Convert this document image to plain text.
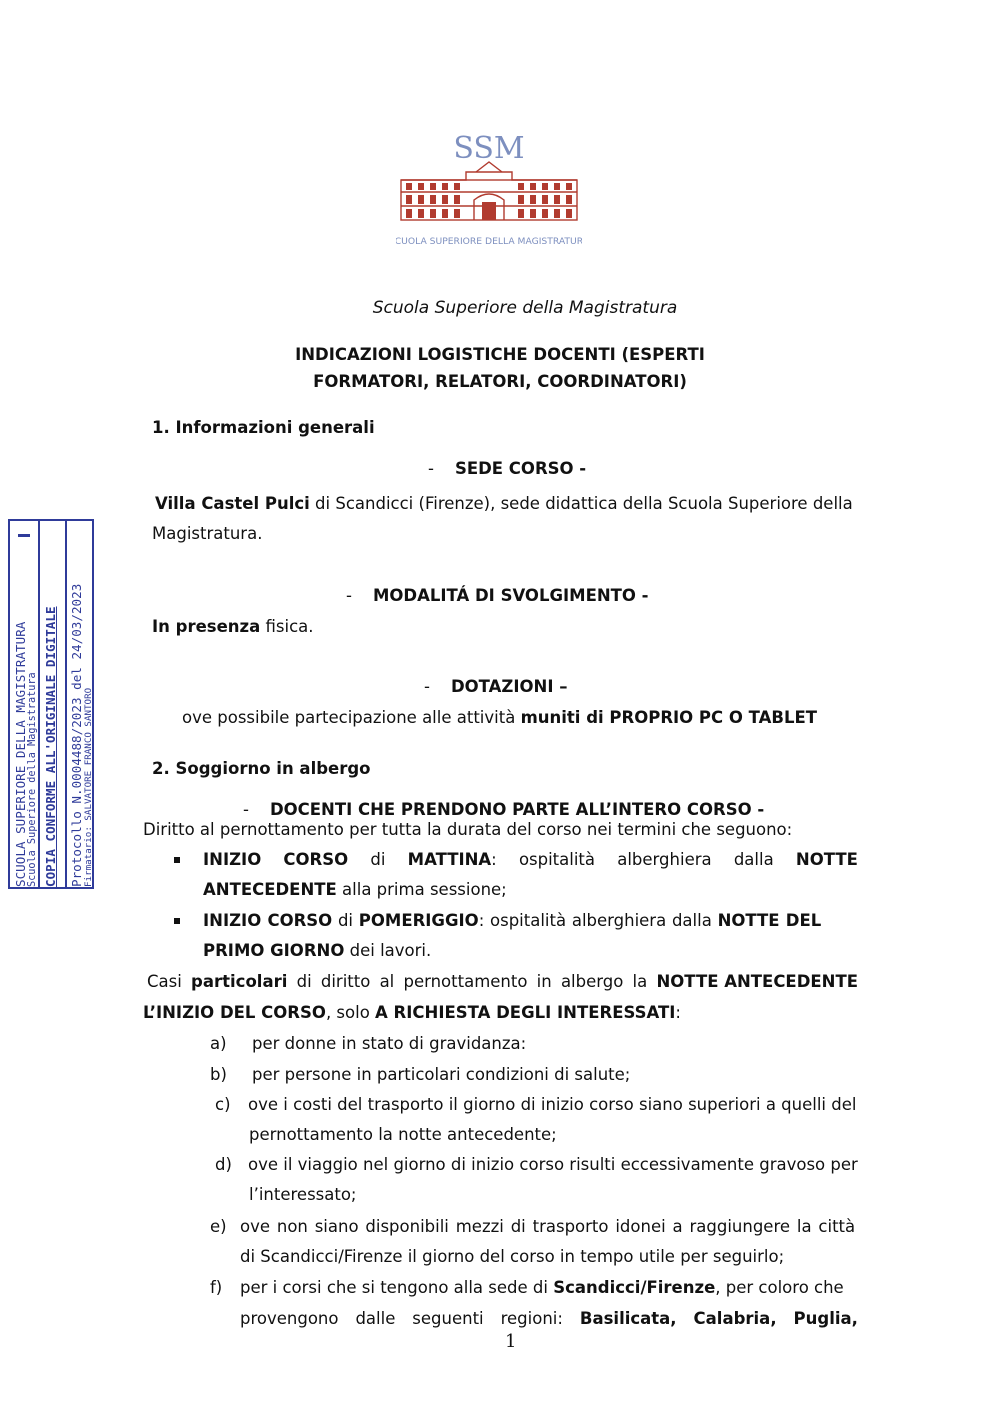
SSM
SCUOLA SUPERIORE DELLA MAGISTRATURA
Scuola Superiore della Magistratura
INDICAZIONI LOGISTICHE DOCENTI (ESPERTI
FORMATORI, RELATORI, COORDINATORI)
1. Informazioni generali
-    SEDE CORSO -
Villa Castel Pulci di Scandicci (Firenze), sede didattica della Scuola Superiore della
Magistratura.
-    MODALITÁ DI SVOLGIMENTO -
In presenza fisica.
-    DOTAZIONI –
ove possibile partecipazione alle attività muniti di PROPRIO PC O TABLET
2. Soggiorno in albergo
-    DOCENTI CHE PRENDONO PARTE ALL’INTERO CORSO -
Diritto al pernottamento per tutta la durata del corso nei termini che seguono:
INIZIO CORSO di MATTINA: ospitalità alberghiera dalla NOTTE
ANTECEDENTE alla prima sessione;
INIZIO CORSO di POMERIGGIO: ospitalità alberghiera dalla NOTTE DEL
PRIMO GIORNO dei lavori.
Casi particolari di diritto al pernottamento in albergo la NOTTE ANTECEDENTE
L’INIZIO DEL CORSO, solo A RICHIESTA DEGLI INTERESSATI:
a) per donne in stato di gravidanza:
b) per persone in particolari condizioni di salute;
c) ove i costi del trasporto il giorno di inizio corso siano superiori a quelli del
pernottamento la notte antecedente;
d) ove il viaggio nel giorno di inizio corso risulti eccessivamente gravoso per
l’interessato;
e) ove non siano disponibili mezzi di trasporto idonei a raggiungere la città
di Scandicci/Firenze il giorno del corso in tempo utile per seguirlo;
f) per i corsi che si tengono alla sede di Scandicci/Firenze, per coloro che
provengono dalle seguenti regioni: Basilicata, Calabria, Puglia,
1
SCUOLA SUPERIORE DELLA MAGISTRATURA Scuola Superiore della Magistratura COPIA CONFORME ALL'ORIGINALE DIGITALE Protocollo N.0004488/2023 del 24/03/2023 Firmatario: SALVATORE FRANCO SANTORO
